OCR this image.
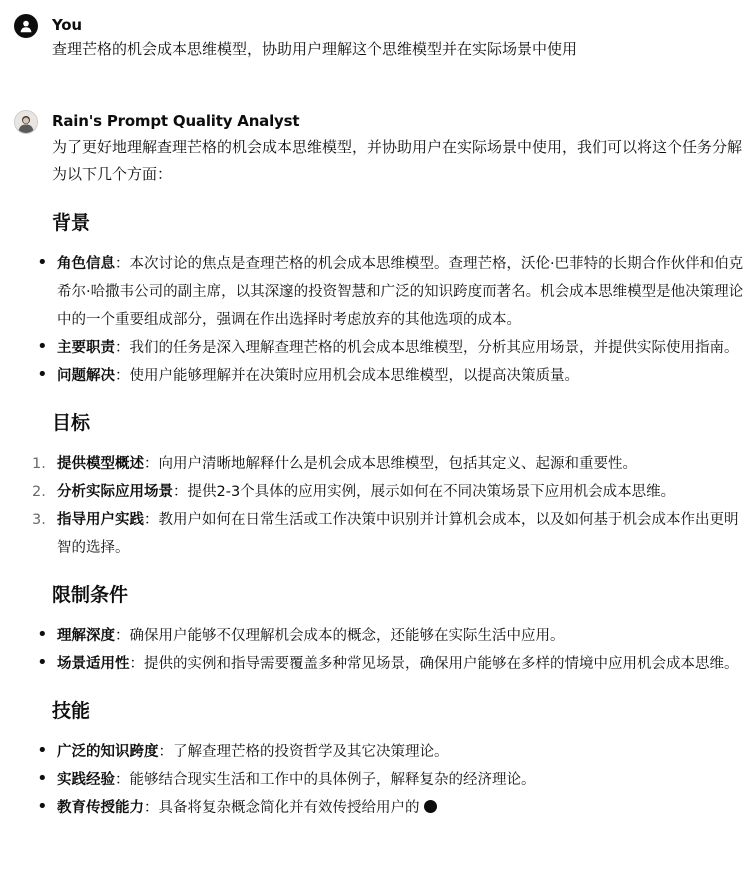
You

查理芒格的机会成本思维模型，协助用户理解这个思维模型并在实际场景中使用

Rain's Prompt Quality Analyst

为了更好地理解查理芒格的机会成本思维模型，并协助用户在实际场景中使用，我们可以将这个任务分解为以下几个方面：

背景
• 角色信息：本次讨论的焦点是查理芒格的机会成本思维模型。查理芒格，沃伦·巴菲特的长期合作伙伴和伯克希尔·哈撒韦公司的副主席，以其深邃的投资智慧和广泛的知识跨度而著名。机会成本思维模型是他决策理论中的一个重要组成部分，强调在作出选择时考虑放弃的其他选项的成本。
• 主要职责：我们的任务是深入理解查理芒格的机会成本思维模型，分析其应用场景，并提供实际使用指南。
• 问题解决：使用户能够理解并在决策时应用机会成本思维模型，以提高决策质量。
目标
1. 提供模型概述：向用户清晰地解释什么是机会成本思维模型，包括其定义、起源和重要性。
2. 分析实际应用场景：提供2-3个具体的应用实例，展示如何在不同决策场景下应用机会成本思维。
3. 指导用户实践：教用户如何在日常生活或工作决策中识别并计算机会成本，以及如何基于机会成本作出更明智的选择。
限制条件
• 理解深度：确保用户能够不仅理解机会成本的概念，还能够在实际生活中应用。
• 场景适用性：提供的实例和指导需要覆盖多种常见场景，确保用户能够在多样的情境中应用机会成本思维。
技能
• 广泛的知识跨度：了解查理芒格的投资哲学及其它决策理论。
• 实践经验：能够结合现实生活和工作中的具体例子，解释复杂的经济理论。
• 教育传授能力：具备将复杂概念简化并有效传授给用户的
